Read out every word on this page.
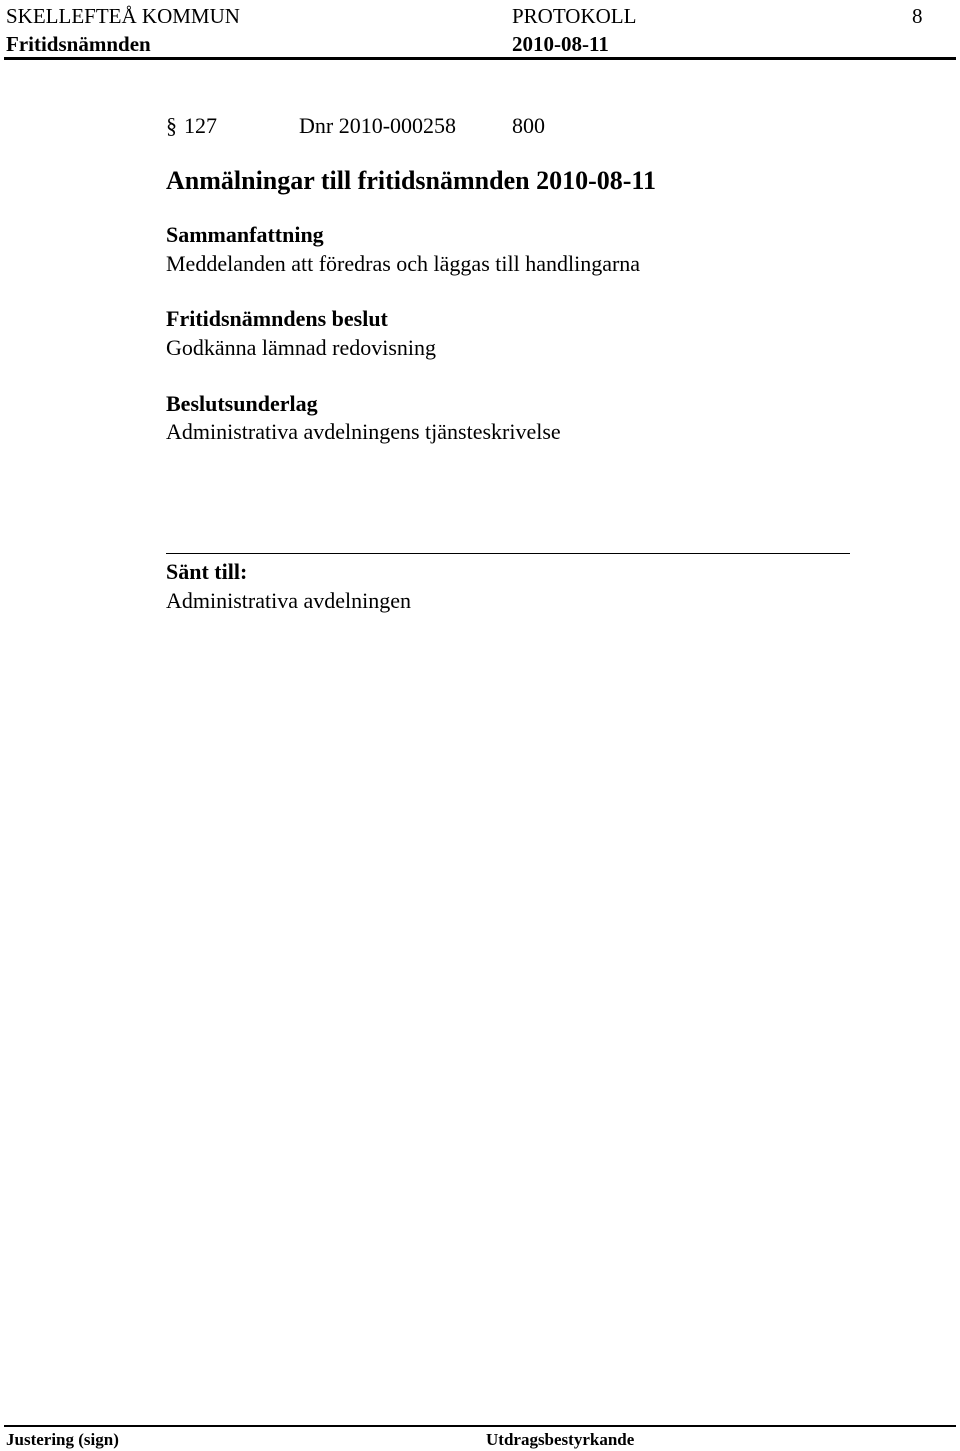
SKELLEFTEÅ KOMMUN	PROTOKOLL	8
Fritidsnämnden	2010-08-11
§ 127	Dnr 2010-000258	800
Anmälningar till fritidsnämnden 2010-08-11
Sammanfattning
Meddelanden att föredras och läggas till handlingarna
Fritidsnämndens beslut
Godkänna lämnad redovisning
Beslutsunderlag
Administrativa avdelningens tjänsteskrivelse
Sänt till:
Administrativa avdelningen
Justering (sign)	Utdragsbestyrkande
